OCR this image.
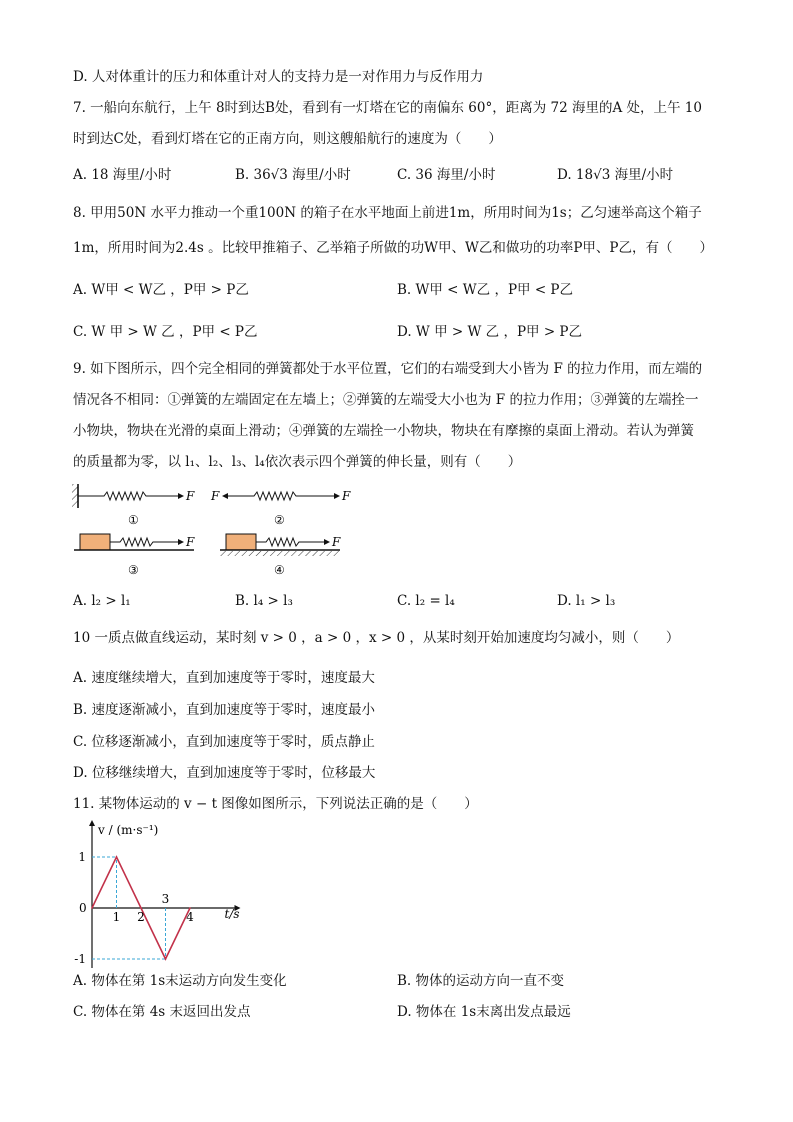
D. 人对体重计的压力和体重计对人的支持力是一对作用力与反作用力
7. 一船向东航行，上午 8时到达B处，看到有一灯塔在它的南偏东 60°，距离为 72 海里的A 处，上午 10
时到达C处，看到灯塔在它的正南方向，则这艘船航行的速度为（　　）
A. 18 海里/小时	B. 36√3 海里/小时	C. 36 海里/小时	D. 18√3 海里/小时
8. 甲用50N 水平力推动一个重100N 的箱子在水平地面上前进1m，所用时间为1s；乙匀速举高这个箱子
1m，所用时间为2.4s 。比较甲推箱子、乙举箱子所做的功W甲、W乙和做功的功率P甲、P乙，有（　　）
A. W甲 < W乙 ，P甲 > P乙	B. W甲 < W乙 ，P甲 < P乙
C. W 甲 > W 乙 ，P甲 < P乙	D. W 甲 > W 乙 ，P甲 > P乙
9. 如下图所示，四个完全相同的弹簧都处于水平位置，它们的右端受到大小皆为 F 的拉力作用，而左端的
情况各不相同：①弹簧的左端固定在左墙上；②弹簧的左端受大小也为 F 的拉力作用；③弹簧的左端拴一
小物块，物块在光滑的桌面上滑动；④弹簧的左端拴一小物块，物块在有摩擦的桌面上滑动。若认为弹簧
的质量都为零，以 l₁、l₂、l₃、l₄依次表示四个弹簧的伸长量，则有（　　）
F
①
F	F
②
F
③
F
④
A. l₂ > l₁	B. l₄ > l₃	C. l₂ = l₄	D. l₁ > l₃
10 一质点做直线运动，某时刻 v > 0 ，a > 0 ，x > 0 ，从某时刻开始加速度均匀减小，则（　　）
A. 速度继续增大，直到加速度等于零时，速度最大
B. 速度逐渐减小，直到加速度等于零时，速度最小
C. 位移逐渐减小，直到加速度等于零时，质点静止
D. 位移继续增大，直到加速度等于零时，位移最大
11. 某物体运动的 v − t 图像如图所示，下列说法正确的是（　　）
0
1 2
3
4
1
-1
t/s
v / (m·s⁻¹)
A. 物体在第 1s末运动方向发生变化	B. 物体的运动方向一直不变
C. 物体在第 4s 末返回出发点	D. 物体在 1s末离出发点最远
